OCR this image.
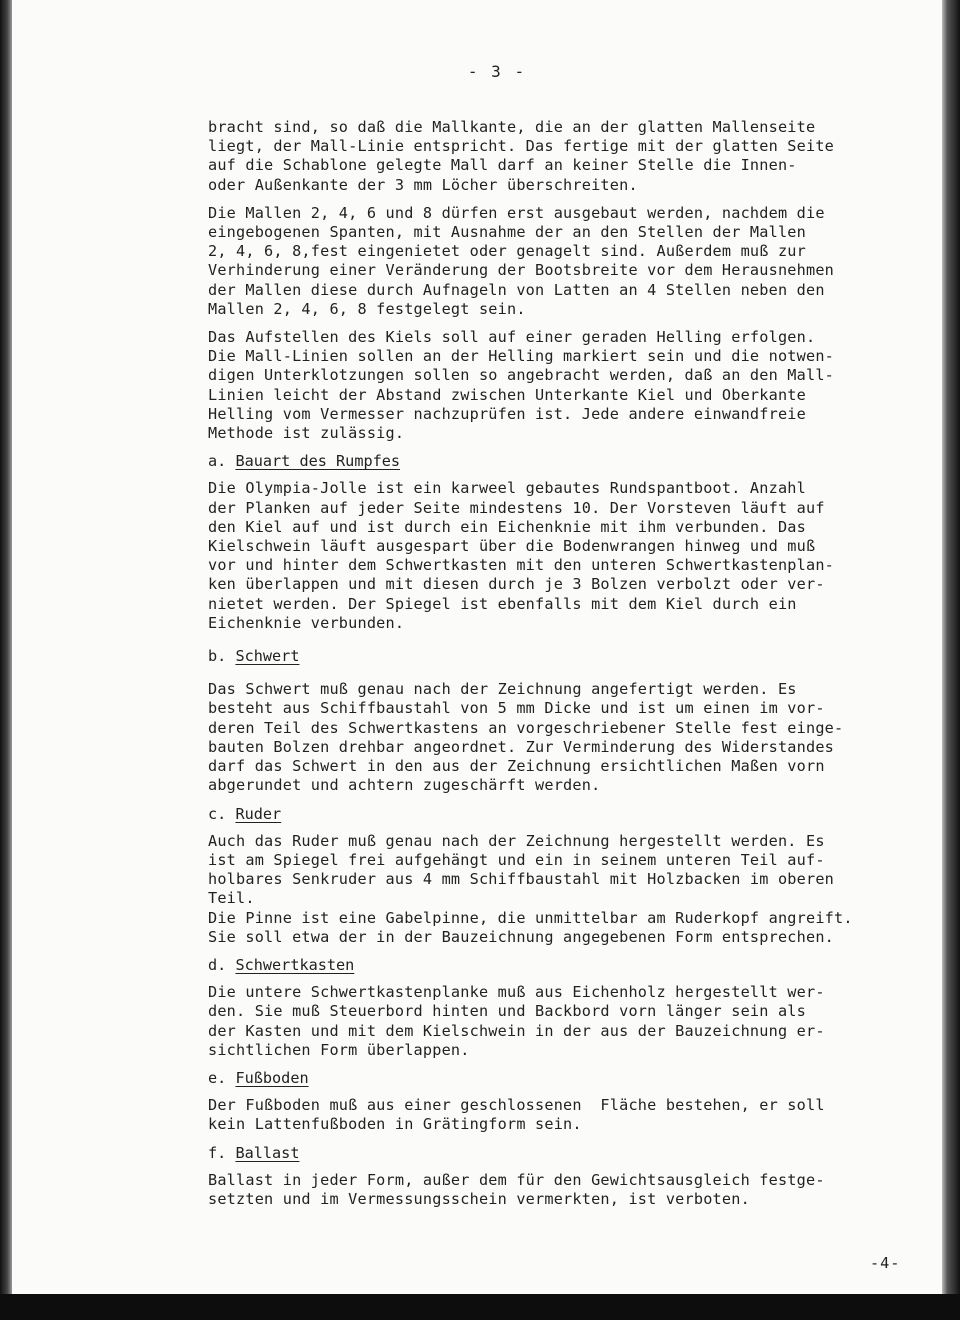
- 3 -
bracht sind, so daß die Mallkante, die an der glatten Mallenseite
liegt, der Mall-Linie entspricht. Das fertige mit der glatten Seite
auf die Schablone gelegte Mall darf an keiner Stelle die Innen-
oder Außenkante der 3 mm Löcher überschreiten.
Die Mallen 2, 4, 6 und 8 dürfen erst ausgebaut werden, nachdem die
eingebogenen Spanten, mit Ausnahme der an den Stellen der Mallen
2, 4, 6, 8,fest eingenietet oder genagelt sind. Außerdem muß zur
Verhinderung einer Veränderung der Bootsbreite vor dem Herausnehmen
der Mallen diese durch Aufnageln von Latten an 4 Stellen neben den
Mallen 2, 4, 6, 8 festgelegt sein.
Das Aufstellen des Kiels soll auf einer geraden Helling erfolgen.
Die Mall-Linien sollen an der Helling markiert sein und die notwen-
digen Unterklotzungen sollen so angebracht werden, daß an den Mall-
Linien leicht der Abstand zwischen Unterkante Kiel und Oberkante
Helling vom Vermesser nachzuprüfen ist. Jede andere einwandfreie
Methode ist zulässig.
a. Bauart des Rumpfes
Die Olympia-Jolle ist ein karweel gebautes Rundspantboot. Anzahl
der Planken auf jeder Seite mindestens 10. Der Vorsteven läuft auf
den Kiel auf und ist durch ein Eichenknie mit ihm verbunden. Das
Kielschwein läuft ausgespart über die Bodenwrangen hinweg und muß
vor und hinter dem Schwertkasten mit den unteren Schwertkastenplan-
ken überlappen und mit diesen durch je 3 Bolzen verbolzt oder ver-
nietet werden. Der Spiegel ist ebenfalls mit dem Kiel durch ein
Eichenknie verbunden.
b. Schwert
Das Schwert muß genau nach der Zeichnung angefertigt werden. Es
besteht aus Schiffbaustahl von 5 mm Dicke und ist um einen im vor-
deren Teil des Schwertkastens an vorgeschriebener Stelle fest einge-
bauten Bolzen drehbar angeordnet. Zur Verminderung des Widerstandes
darf das Schwert in den aus der Zeichnung ersichtlichen Maßen vorn
abgerundet und achtern zugeschärft werden.
c. Ruder
Auch das Ruder muß genau nach der Zeichnung hergestellt werden. Es
ist am Spiegel frei aufgehängt und ein in seinem unteren Teil auf-
holbares Senkruder aus 4 mm Schiffbaustahl mit Holzbacken im oberen
Teil.
Die Pinne ist eine Gabelpinne, die unmittelbar am Ruderkopf angreift.
Sie soll etwa der in der Bauzeichnung angegebenen Form entsprechen.
d. Schwertkasten
Die untere Schwertkastenplanke muß aus Eichenholz hergestellt wer-
den. Sie muß Steuerbord hinten und Backbord vorn länger sein als
der Kasten und mit dem Kielschwein in der aus der Bauzeichnung er-
sichtlichen Form überlappen.
e. Fußboden
Der Fußboden muß aus einer geschlossenen  Fläche bestehen, er soll
kein Lattenfußboden in Grätingform sein.
f. Ballast
Ballast in jeder Form, außer dem für den Gewichtsausgleich festge-
setzten und im Vermessungsschein vermerkten, ist verboten.
-4-
